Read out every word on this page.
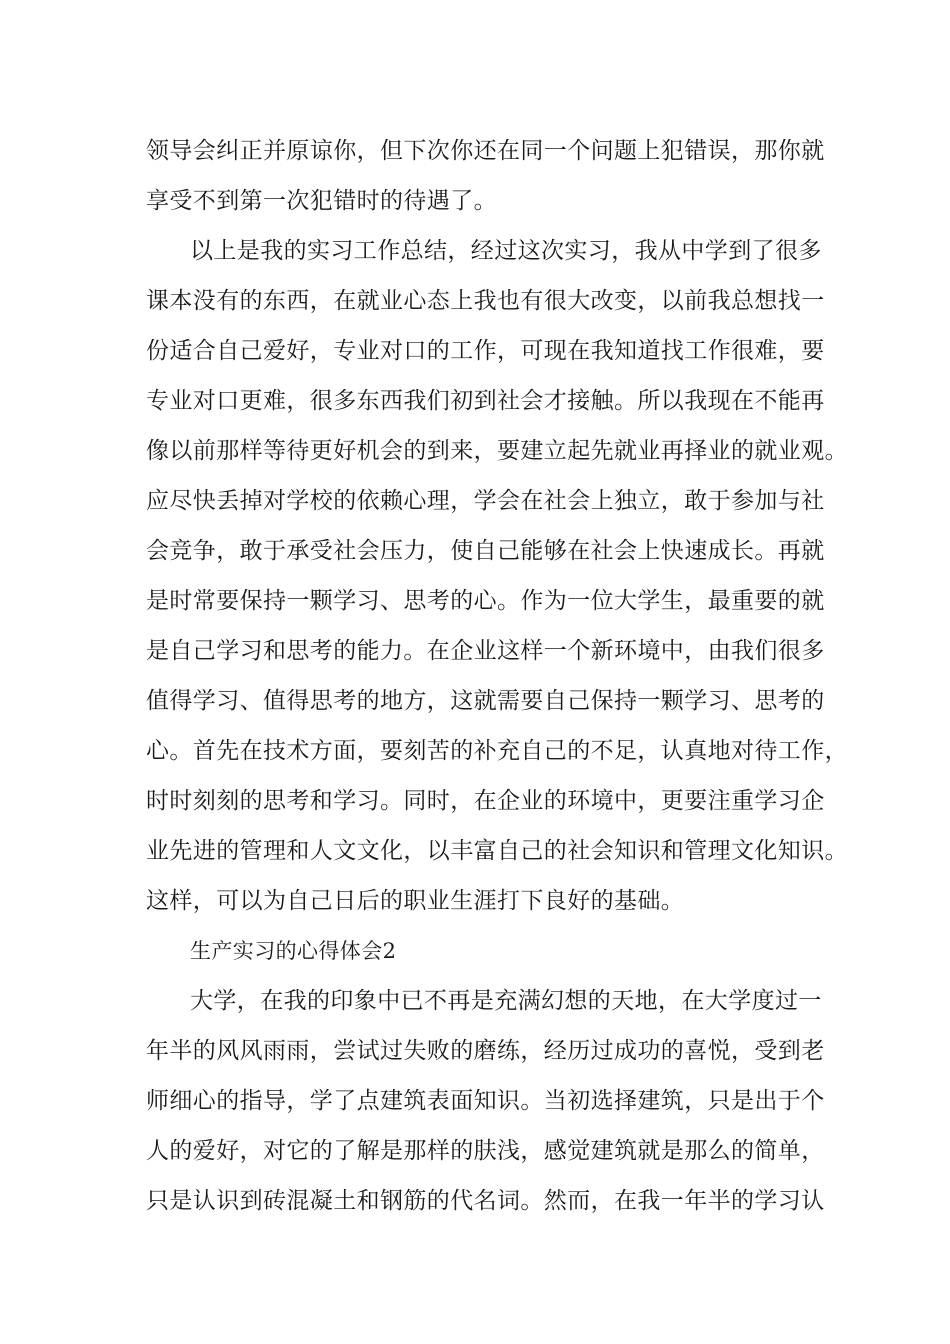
领导会纠正并原谅你，但下次你还在同一个问题上犯错误，那你就
享受不到第一次犯错时的待遇了。
以上是我的实习工作总结，经过这次实习，我从中学到了很多
课本没有的东西，在就业心态上我也有很大改变，以前我总想找一
份适合自己爱好，专业对口的工作，可现在我知道找工作很难，要
专业对口更难，很多东西我们初到社会才接触。所以我现在不能再
像以前那样等待更好机会的到来，要建立起先就业再择业的就业观。
应尽快丢掉对学校的依赖心理，学会在社会上独立，敢于参加与社
会竞争，敢于承受社会压力，使自己能够在社会上快速成长。再就
是时常要保持一颗学习、思考的心。作为一位大学生，最重要的就
是自己学习和思考的能力。在企业这样一个新环境中，由我们很多
值得学习、值得思考的地方，这就需要自己保持一颗学习、思考的
心。首先在技术方面，要刻苦的补充自己的不足，认真地对待工作，
时时刻刻的思考和学习。同时，在企业的环境中，更要注重学习企
业先进的管理和人文文化，以丰富自己的社会知识和管理文化知识。
这样，可以为自己日后的职业生涯打下良好的基础。
生产实习的心得体会2
大学，在我的印象中已不再是充满幻想的天地，在大学度过一
年半的风风雨雨，尝试过失败的磨练，经历过成功的喜悦，受到老
师细心的指导，学了点建筑表面知识。当初选择建筑，只是出于个
人的爱好，对它的了解是那样的肤浅，感觉建筑就是那么的简单，
只是认识到砖混凝土和钢筋的代名词。然而，在我一年半的学习认
